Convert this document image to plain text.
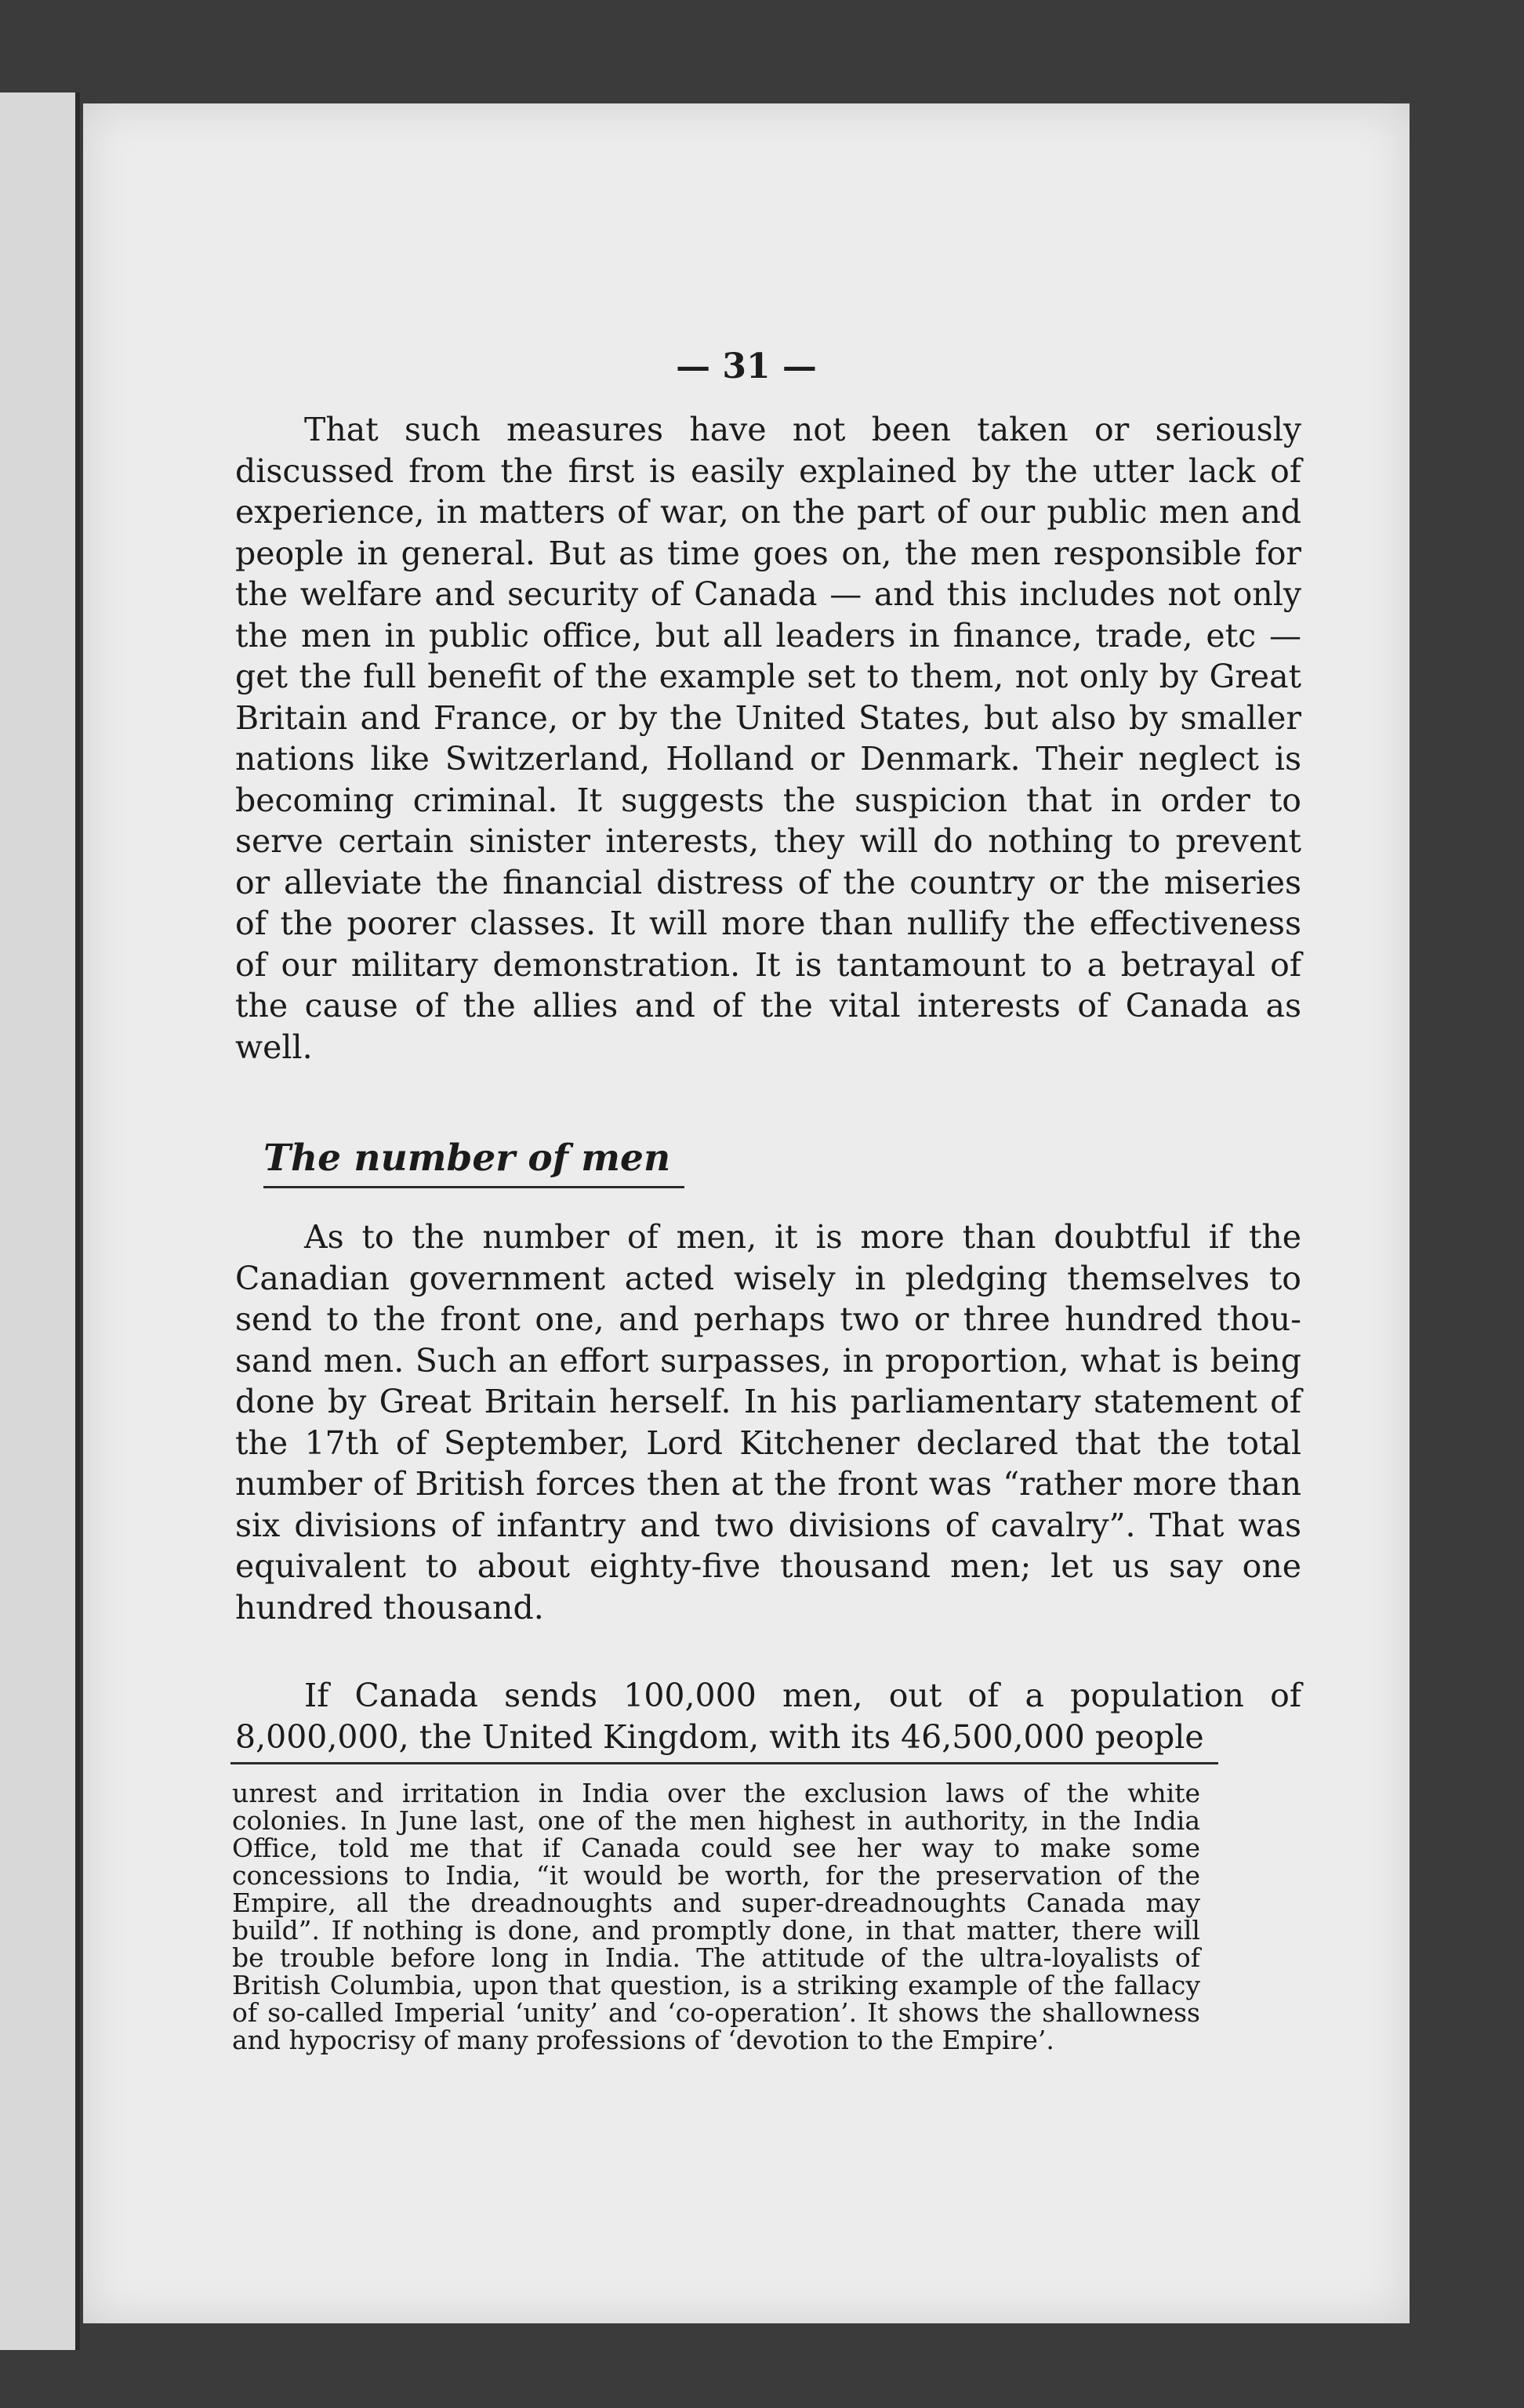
— 31 —

That such measures have not been taken or seriously discussed from the first is easily explained by the utter lack of experience, in matters of war, on the part of our public men and people in general. But as time goes on, the men responsible for the welfare and security of Canada — and this includes not only the men in public office, but all leaders in finance, trade, etc — get the full benefit of the example set to them, not only by Great Britain and France, or by the United States, but also by smaller nations like Switzerland, Holland or Denmark. Their neglect is becoming criminal. It suggests the suspicion that in order to serve certain sinister interests, they will do nothing to prevent or alleviate the financial distress of the country or the miseries of the poorer classes. It will more than nullify the effectiveness of our military demonstration. It is tantamount to a betrayal of the cause of the allies and of the vital interests of Canada as well.

The number of men

As to the number of men, it is more than doubtful if the Canadian government acted wisely in pledging themselves to send to the front one, and perhaps two or three hundred thousand men. Such an effort surpasses, in proportion, what is being done by Great Britain herself. In his parliamentary statement of the 17th of September, Lord Kitchener declared that the total number of British forces then at the front was “rather more than six divisions of infantry and two divisions of cavalry”. That was equivalent to about eighty-five thousand men; let us say one hundred thousand.

If Canada sends 100,000 men, out of a population of 8,000,000, the United Kingdom, with its 46,500,000 people

unrest and irritation in India over the exclusion laws of the white colonies. In June last, one of the men highest in authority, in the India Office, told me that if Canada could see her way to make some concessions to India, “it would be worth, for the preservation of the Empire, all the dreadnoughts and super-dreadnoughts Canada may build”. If nothing is done, and promptly done, in that matter, there will be trouble before long in India. The attitude of the ultra-loyalists of British Columbia, upon that question, is a striking example of the fallacy of so-called Imperial ‘unity’ and ‘co-operation’. It shows the shallowness and hypocrisy of many professions of ‘devotion to the Empire’.
